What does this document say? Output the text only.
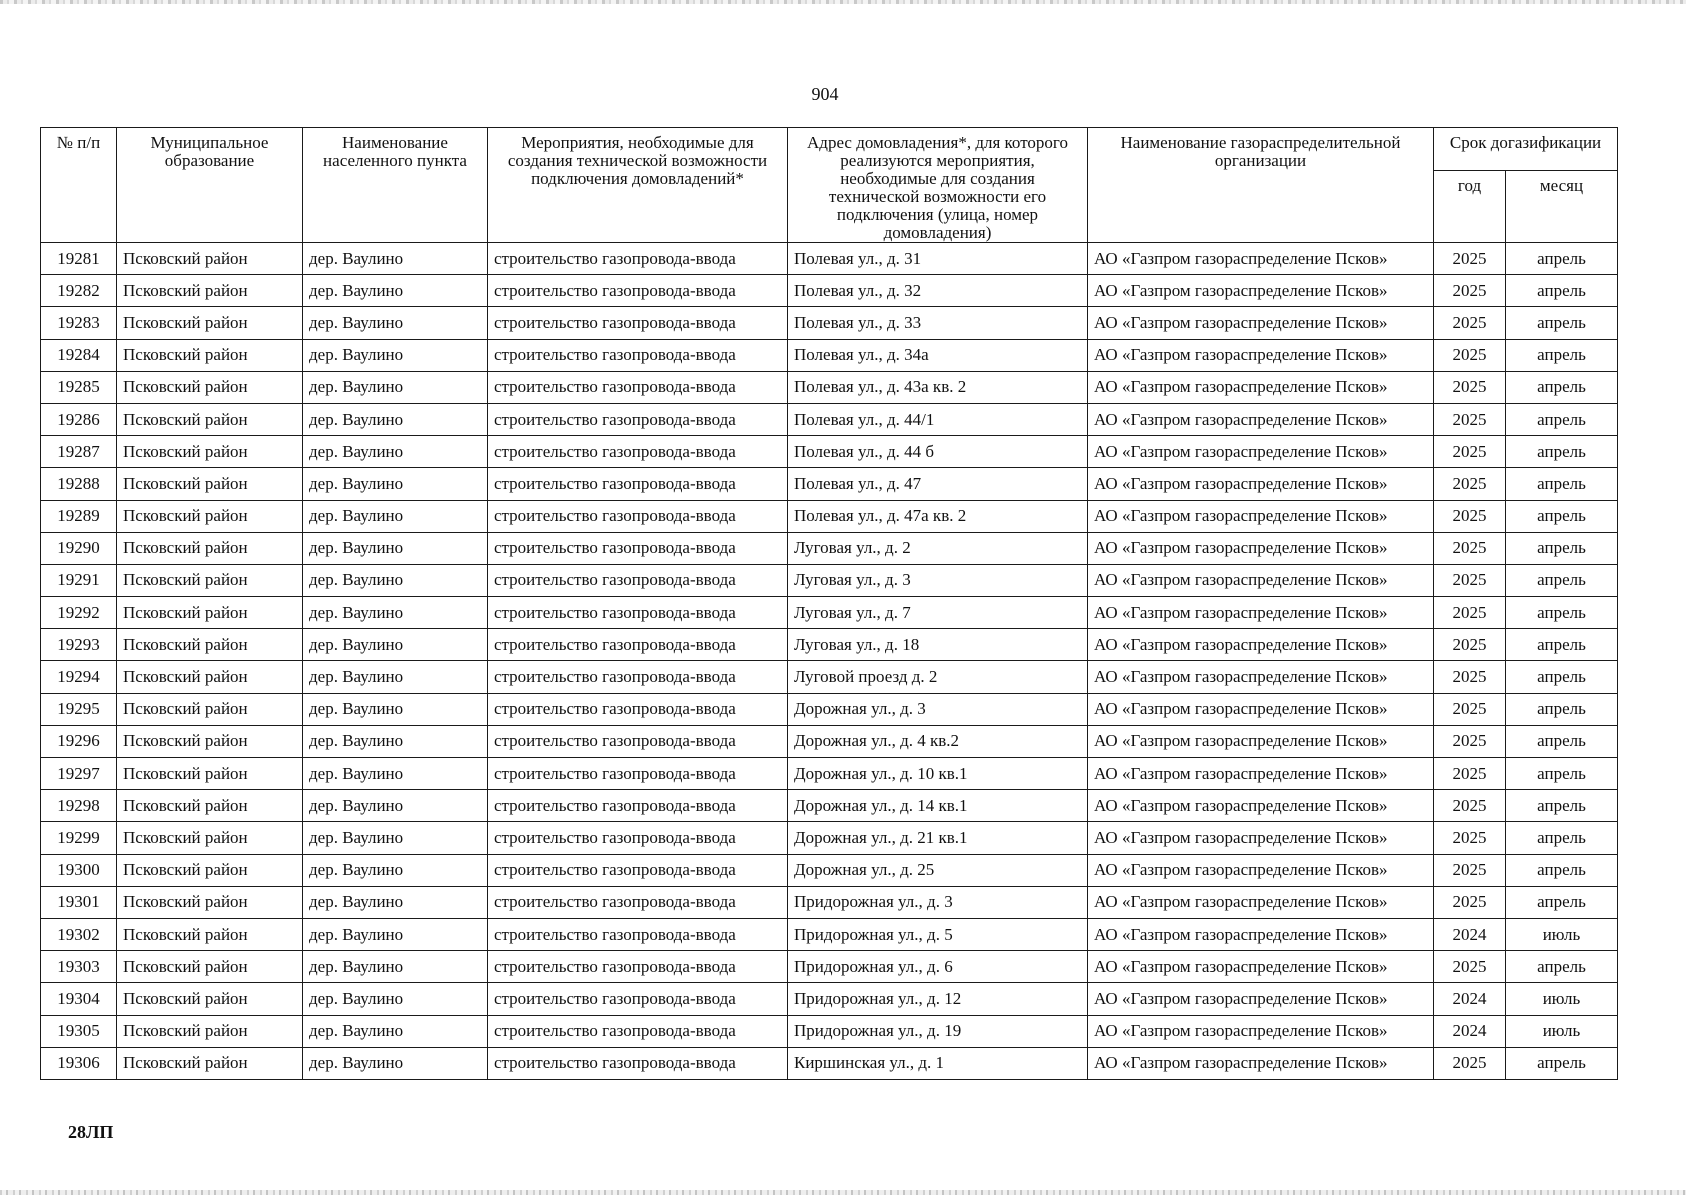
904
№ п/п	Муниципальное образование	Наименование населенного пункта	Мероприятия, необходимые для создания технической возможности подключения домовладений*	Адрес домовладения*, для которого реализуются мероприятия, необходимые для создания технической возможности его подключения (улица, номер домовладения)	Наименование газораспределительной организации	Срок догазификации	
						год	месяц
19281	Псковский район	дер. Ваулино	строительство газопровода-ввода	Полевая ул., д. 31	АО «Газпром газораспределение Псков»	2025	апрель
19282	Псковский район	дер. Ваулино	строительство газопровода-ввода	Полевая ул., д. 32	АО «Газпром газораспределение Псков»	2025	апрель
19283	Псковский район	дер. Ваулино	строительство газопровода-ввода	Полевая ул., д. 33	АО «Газпром газораспределение Псков»	2025	апрель
19284	Псковский район	дер. Ваулино	строительство газопровода-ввода	Полевая ул., д. 34а	АО «Газпром газораспределение Псков»	2025	апрель
19285	Псковский район	дер. Ваулино	строительство газопровода-ввода	Полевая ул., д. 43а кв. 2	АО «Газпром газораспределение Псков»	2025	апрель
19286	Псковский район	дер. Ваулино	строительство газопровода-ввода	Полевая ул., д. 44/1	АО «Газпром газораспределение Псков»	2025	апрель
19287	Псковский район	дер. Ваулино	строительство газопровода-ввода	Полевая ул., д. 44 б	АО «Газпром газораспределение Псков»	2025	апрель
19288	Псковский район	дер. Ваулино	строительство газопровода-ввода	Полевая ул., д. 47	АО «Газпром газораспределение Псков»	2025	апрель
19289	Псковский район	дер. Ваулино	строительство газопровода-ввода	Полевая ул., д. 47а кв. 2	АО «Газпром газораспределение Псков»	2025	апрель
19290	Псковский район	дер. Ваулино	строительство газопровода-ввода	Луговая ул., д. 2	АО «Газпром газораспределение Псков»	2025	апрель
19291	Псковский район	дер. Ваулино	строительство газопровода-ввода	Луговая ул., д. 3	АО «Газпром газораспределение Псков»	2025	апрель
19292	Псковский район	дер. Ваулино	строительство газопровода-ввода	Луговая ул., д. 7	АО «Газпром газораспределение Псков»	2025	апрель
19293	Псковский район	дер. Ваулино	строительство газопровода-ввода	Луговая ул., д. 18	АО «Газпром газораспределение Псков»	2025	апрель
19294	Псковский район	дер. Ваулино	строительство газопровода-ввода	Луговой проезд д. 2	АО «Газпром газораспределение Псков»	2025	апрель
19295	Псковский район	дер. Ваулино	строительство газопровода-ввода	Дорожная ул., д. 3	АО «Газпром газораспределение Псков»	2025	апрель
19296	Псковский район	дер. Ваулино	строительство газопровода-ввода	Дорожная ул., д. 4 кв.2	АО «Газпром газораспределение Псков»	2025	апрель
19297	Псковский район	дер. Ваулино	строительство газопровода-ввода	Дорожная ул., д. 10 кв.1	АО «Газпром газораспределение Псков»	2025	апрель
19298	Псковский район	дер. Ваулино	строительство газопровода-ввода	Дорожная ул., д. 14 кв.1	АО «Газпром газораспределение Псков»	2025	апрель
19299	Псковский район	дер. Ваулино	строительство газопровода-ввода	Дорожная ул., д. 21 кв.1	АО «Газпром газораспределение Псков»	2025	апрель
19300	Псковский район	дер. Ваулино	строительство газопровода-ввода	Дорожная ул., д. 25	АО «Газпром газораспределение Псков»	2025	апрель
19301	Псковский район	дер. Ваулино	строительство газопровода-ввода	Придорожная ул., д. 3	АО «Газпром газораспределение Псков»	2025	апрель
19302	Псковский район	дер. Ваулино	строительство газопровода-ввода	Придорожная ул., д. 5	АО «Газпром газораспределение Псков»	2024	июль
19303	Псковский район	дер. Ваулино	строительство газопровода-ввода	Придорожная ул., д. 6	АО «Газпром газораспределение Псков»	2025	апрель
19304	Псковский район	дер. Ваулино	строительство газопровода-ввода	Придорожная ул., д. 12	АО «Газпром газораспределение Псков»	2024	июль
19305	Псковский район	дер. Ваулино	строительство газопровода-ввода	Придорожная ул., д. 19	АО «Газпром газораспределение Псков»	2024	июль
19306	Псковский район	дер. Ваулино	строительство газопровода-ввода	Киршинская ул., д. 1	АО «Газпром газораспределение Псков»	2025	апрель
28ЛП
